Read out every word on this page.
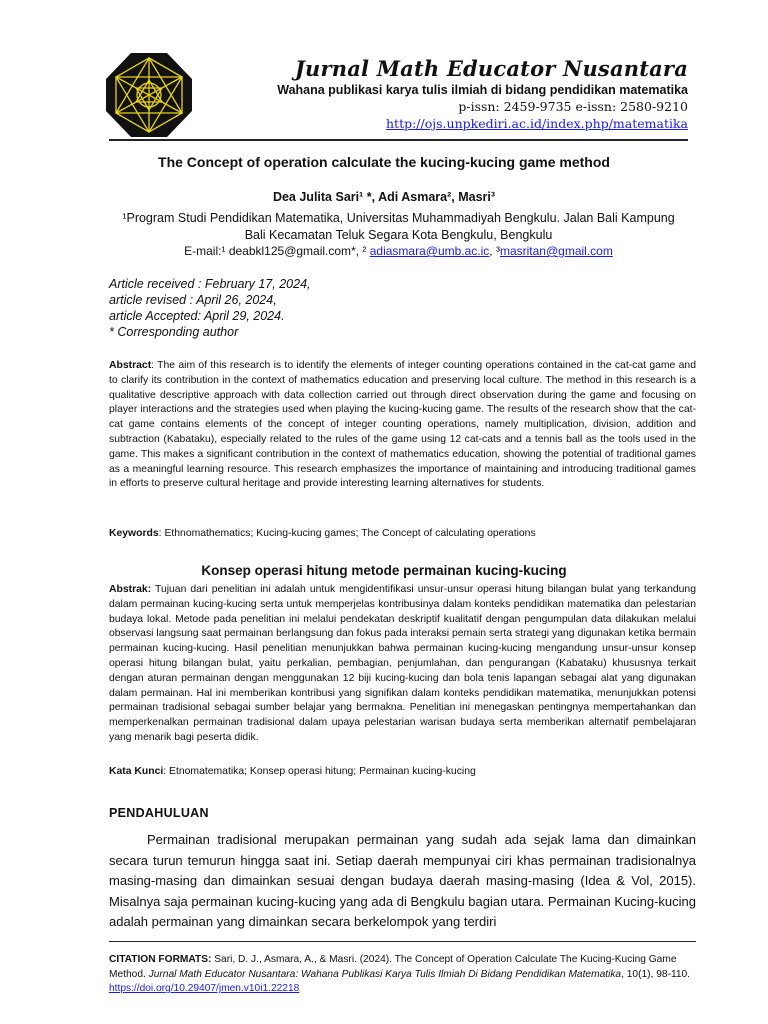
Jurnal Math Educator Nusantara
Wahana publikasi karya tulis ilmiah di bidang pendidikan matematika
p-issn: 2459-9735 e-issn: 2580-9210
http://ojs.unpkediri.ac.id/index.php/matematika
The Concept of operation calculate the kucing-kucing game method
Dea Julita Sari¹ *, Adi Asmara², Masri³
¹Program Studi Pendidikan Matematika, Universitas Muhammadiyah Bengkulu. Jalan Bali Kampung
Bali Kecamatan Teluk Segara Kota Bengkulu, Bengkulu
E-mail:¹ deabkl125@gmail.com*, ² adiasmara@umb.ac.ic, ³masritan@gmail.com
Article received : February 17, 2024,
article revised : April 26, 2024,
article Accepted: April 29, 2024.
* Corresponding author
Abstract: The aim of this research is to identify the elements of integer counting operations contained in the cat-cat game and to clarify its contribution in the context of mathematics education and preserving local culture. The method in this research is a qualitative descriptive approach with data collection carried out through direct observation during the game and focusing on player interactions and the strategies used when playing the kucing-kucing game. The results of the research show that the cat-cat game contains elements of the concept of integer counting operations, namely multiplication, division, addition and subtraction (Kabataku), especially related to the rules of the game using 12 cat-cats and a tennis ball as the tools used in the game. This makes a significant contribution in the context of mathematics education, showing the potential of traditional games as a meaningful learning resource. This research emphasizes the importance of maintaining and introducing traditional games in efforts to preserve cultural heritage and provide interesting learning alternatives for students.
Keywords: Ethnomathematics; Kucing-kucing games; The Concept of calculating operations
Konsep operasi hitung metode permainan kucing-kucing
Abstrak: Tujuan dari penelitian ini adalah untuk mengidentifikasi unsur-unsur operasi hitung bilangan bulat yang terkandung dalam permainan kucing-kucing serta untuk memperjelas kontribusinya dalam konteks pendidikan matematika dan pelestarian budaya lokal. Metode pada penelitian ini melalui pendekatan deskriptif kualitatif dengan pengumpulan data dilakukan melalui observasi langsung saat permainan berlangsung dan fokus pada interaksi pemain serta strategi yang digunakan ketika bermain permainan kucing-kucing. Hasil penelitian menunjukkan bahwa permainan kucing-kucing mengandung unsur-unsur konsep operasi hitung bilangan bulat, yaitu perkalian, pembagian, penjumlahan, dan pengurangan (Kabataku) khususnya terkait dengan aturan permainan dengan menggunakan 12 biji kucing-kucing dan bola tenis lapangan sebagai alat yang digunakan dalam permainan. Hal ini memberikan kontribusi yang signifikan dalam konteks pendidikan matematika, menunjukkan potensi permainan tradisional sebagai sumber belajar yang bermakna. Penelitian ini menegaskan pentingnya mempertahankan dan memperkenalkan permainan tradisional dalam upaya pelestarian warisan budaya serta memberikan alternatif pembelajaran yang menarik bagi peserta didik.
Kata Kunci: Etnomatematika; Konsep operasi hitung; Permainan kucing-kucing
PENDAHULUAN
Permainan tradisional merupakan permainan yang sudah ada sejak lama dan dimainkan secara turun temurun hingga saat ini. Setiap daerah mempunyai ciri khas permainan tradisionalnya masing-masing dan dimainkan sesuai dengan budaya daerah masing-masing (Idea & Vol, 2015). Misalnya saja permainan kucing-kucing yang ada di Bengkulu bagian utara. Permainan Kucing-kucing adalah permainan yang dimainkan secara berkelompok yang terdiri
CITATION FORMATS: Sari, D. J., Asmara, A., & Masri. (2024). The Concept of Operation Calculate The Kucing-Kucing Game Method. Jurnal Math Educator Nusantara: Wahana Publikasi Karya Tulis Ilmiah Di Bidang Pendidikan Matematika, 10(1), 98-110. https://doi.org/10.29407/jmen.v10i1.22218
